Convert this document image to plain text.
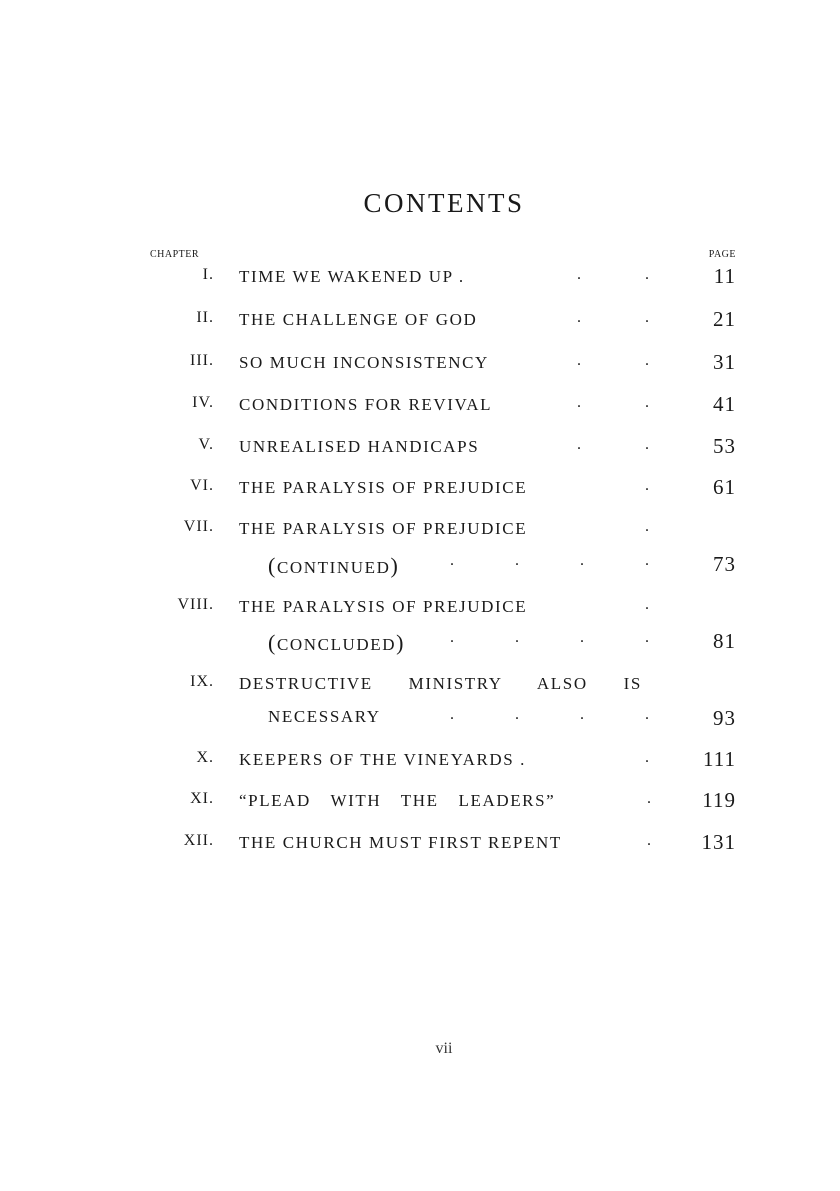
CONTENTS
CHAPTER	PAGE
I. TIME WE WAKENED UP .	.	.	11
II. THE CHALLENGE OF GOD	.	.	21
III. SO MUCH INCONSISTENCY	.	.	31
IV. CONDITIONS FOR REVIVAL	.	.	41
V. UNREALISED HANDICAPS	.	.	53
VI. THE PARALYSIS OF PREJUDICE	.	61
VII. THE PARALYSIS OF PREJUDICE	.
(CONTINUED)	.	.	.	.	73
VIII. THE PARALYSIS OF PREJUDICE	.
(CONCLUDED)	.	.	.	.	81
IX. DESTRUCTIVE MINISTRY ALSO IS
NECESSARY	.	.	.	.	93
X. KEEPERS OF THE VINEYARDS .	.	111
XI. “PLEAD WITH THE LEADERS”	. 119
XII. THE CHURCH MUST FIRST REPENT	. 131
vii
